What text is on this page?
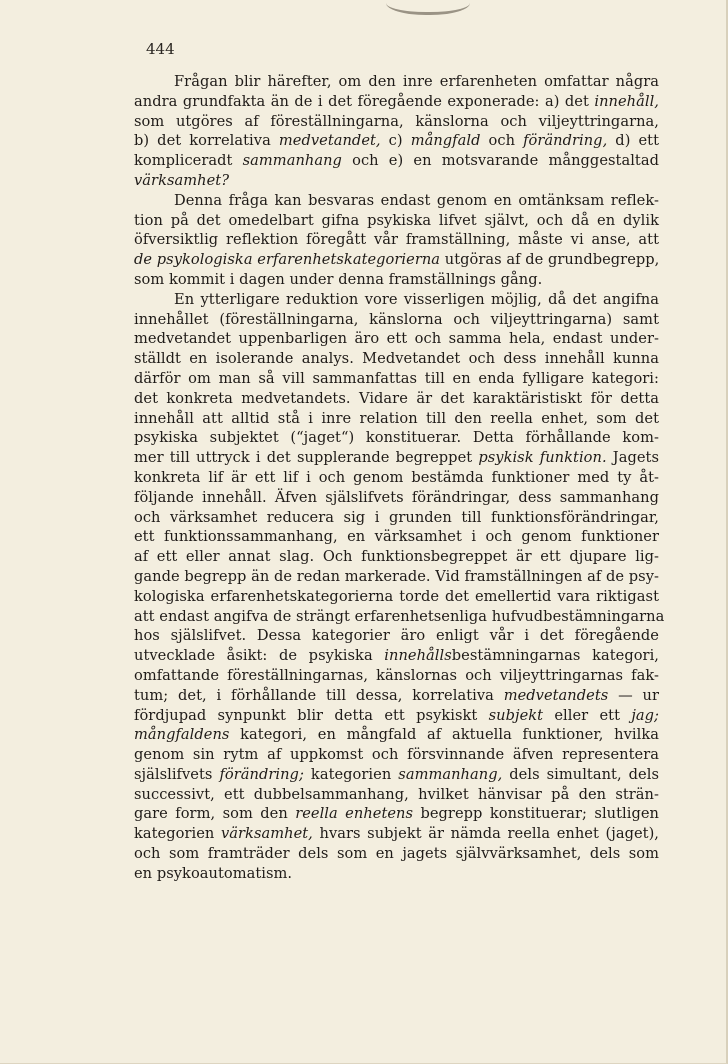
444
Frågan blir härefter, om den inre erfarenheten omfattar några
andra grundfakta än de i det föregående exponerade: a) det innehåll,
som utgöres af föreställningarna, känslorna och viljeyttringarna,
b) det korrelativa medvetandet, c) mångfald och förändring, d) ett
kompliceradt sammanhang och e) en motsvarande månggestaltad
värksamhet?
Denna fråga kan besvaras endast genom en omtänksam reflek-
tion på det omedelbart gifna psykiska lifvet självt, och då en dylik
öfversiktlig reflektion föregått vår framställning, måste vi anse, att
de psykologiska erfarenhetskategorierna utgöras af de grundbegrepp,
som kommit i dagen under denna framställnings gång.
En ytterligare reduktion vore visserligen möjlig, då det angifna
innehållet (föreställningarna, känslorna och viljeyttringarna) samt
medvetandet uppenbarligen äro ett och samma hela, endast under-
ställdt en isolerande analys. Medvetandet och dess innehåll kunna
därför om man så vill sammanfattas till en enda fylligare kategori:
det konkreta medvetandets. Vidare är det karaktäristiskt för detta
innehåll att alltid stå i inre relation till den reella enhet, som det
psykiska subjektet (“jaget“) konstituerar. Detta förhållande kom-
mer till uttryck i det supplerande begreppet psykisk funktion. Jagets
konkreta lif är ett lif i och genom bestämda funktioner med ty åt-
följande innehåll. Äfven själslifvets förändringar, dess sammanhang
och värksamhet reducera sig i grunden till funktionsförändringar,
ett funktionssammanhang, en värksamhet i och genom funktioner
af ett eller annat slag. Och funktionsbegreppet är ett djupare lig-
gande begrepp än de redan markerade. Vid framställningen af de psy-
kologiska erfarenhetskategorierna torde det emellertid vara riktigast
att endast angifva de strängt erfarenhetsenliga hufvudbestämningarna
hos själslifvet. Dessa kategorier äro enligt vår i det föregående
utvecklade åsikt: de psykiska innehållsbestämningarnas kategori,
omfattande föreställningarnas, känslornas och viljeyttringarnas fak-
tum; det, i förhållande till dessa, korrelativa medvetandets — ur
fördjupad synpunkt blir detta ett psykiskt subjekt eller ett jag;
mångfaldens kategori, en mångfald af aktuella funktioner, hvilka
genom sin rytm af uppkomst och försvinnande äfven representera
själslifvets förändring; kategorien sammanhang, dels simultant, dels
successivt, ett dubbelsammanhang, hvilket hänvisar på den strän-
gare form, som den reella enhetens begrepp konstituerar; slutligen
kategorien värksamhet, hvars subjekt är nämda reella enhet (jaget),
och som framträder dels som en jagets självvärksamhet, dels som
en psykoautomatism.
